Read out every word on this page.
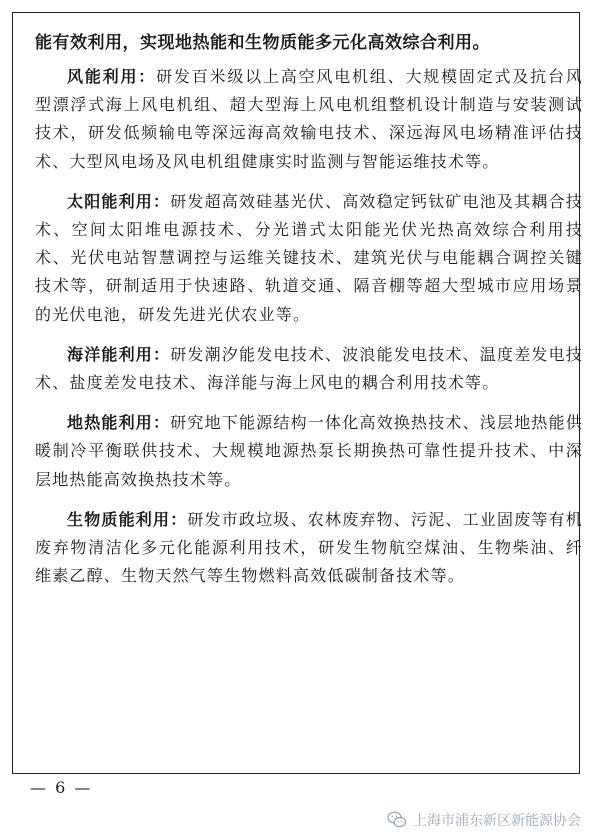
能有效利用，实现地热能和生物质能多元化高效综合利用。

风能利用：研发百米级以上高空风电机组、大规模固定式及抗台风型漂浮式海上风电机组、超大型海上风电机组整机设计制造与安装测试技术，研发低频输电等深远海高效输电技术、深远海风电场精准评估技术、大型风电场及风电机组健康实时监测与智能运维技术等。

太阳能利用：研发超高效硅基光伏、高效稳定钙钛矿电池及其耦合技术、空间太阳堆电源技术、分光谱式太阳能光伏光热高效综合利用技术、光伏电站智慧调控与运维关键技术、建筑光伏与电能耦合调控关键技术等，研制适用于快速路、轨道交通、隔音棚等超大型城市应用场景的光伏电池，研发先进光伏农业等。

海洋能利用：研发潮汐能发电技术、波浪能发电技术、温度差发电技术、盐度差发电技术、海洋能与海上风电的耦合利用技术等。

地热能利用：研究地下能源结构一体化高效换热技术、浅层地热能供暖制冷平衡联供技术、大规模地源热泵长期换热可靠性提升技术、中深层地热能高效换热技术等。

生物质能利用：研发市政垃圾、农林废弃物、污泥、工业固废等有机废弃物清洁化多元化能源利用技术，研发生物航空煤油、生物柴油、纤维素乙醇、生物天然气等生物燃料高效低碳制备技术等。

— 6 —
上海市浦东新区新能源协会
